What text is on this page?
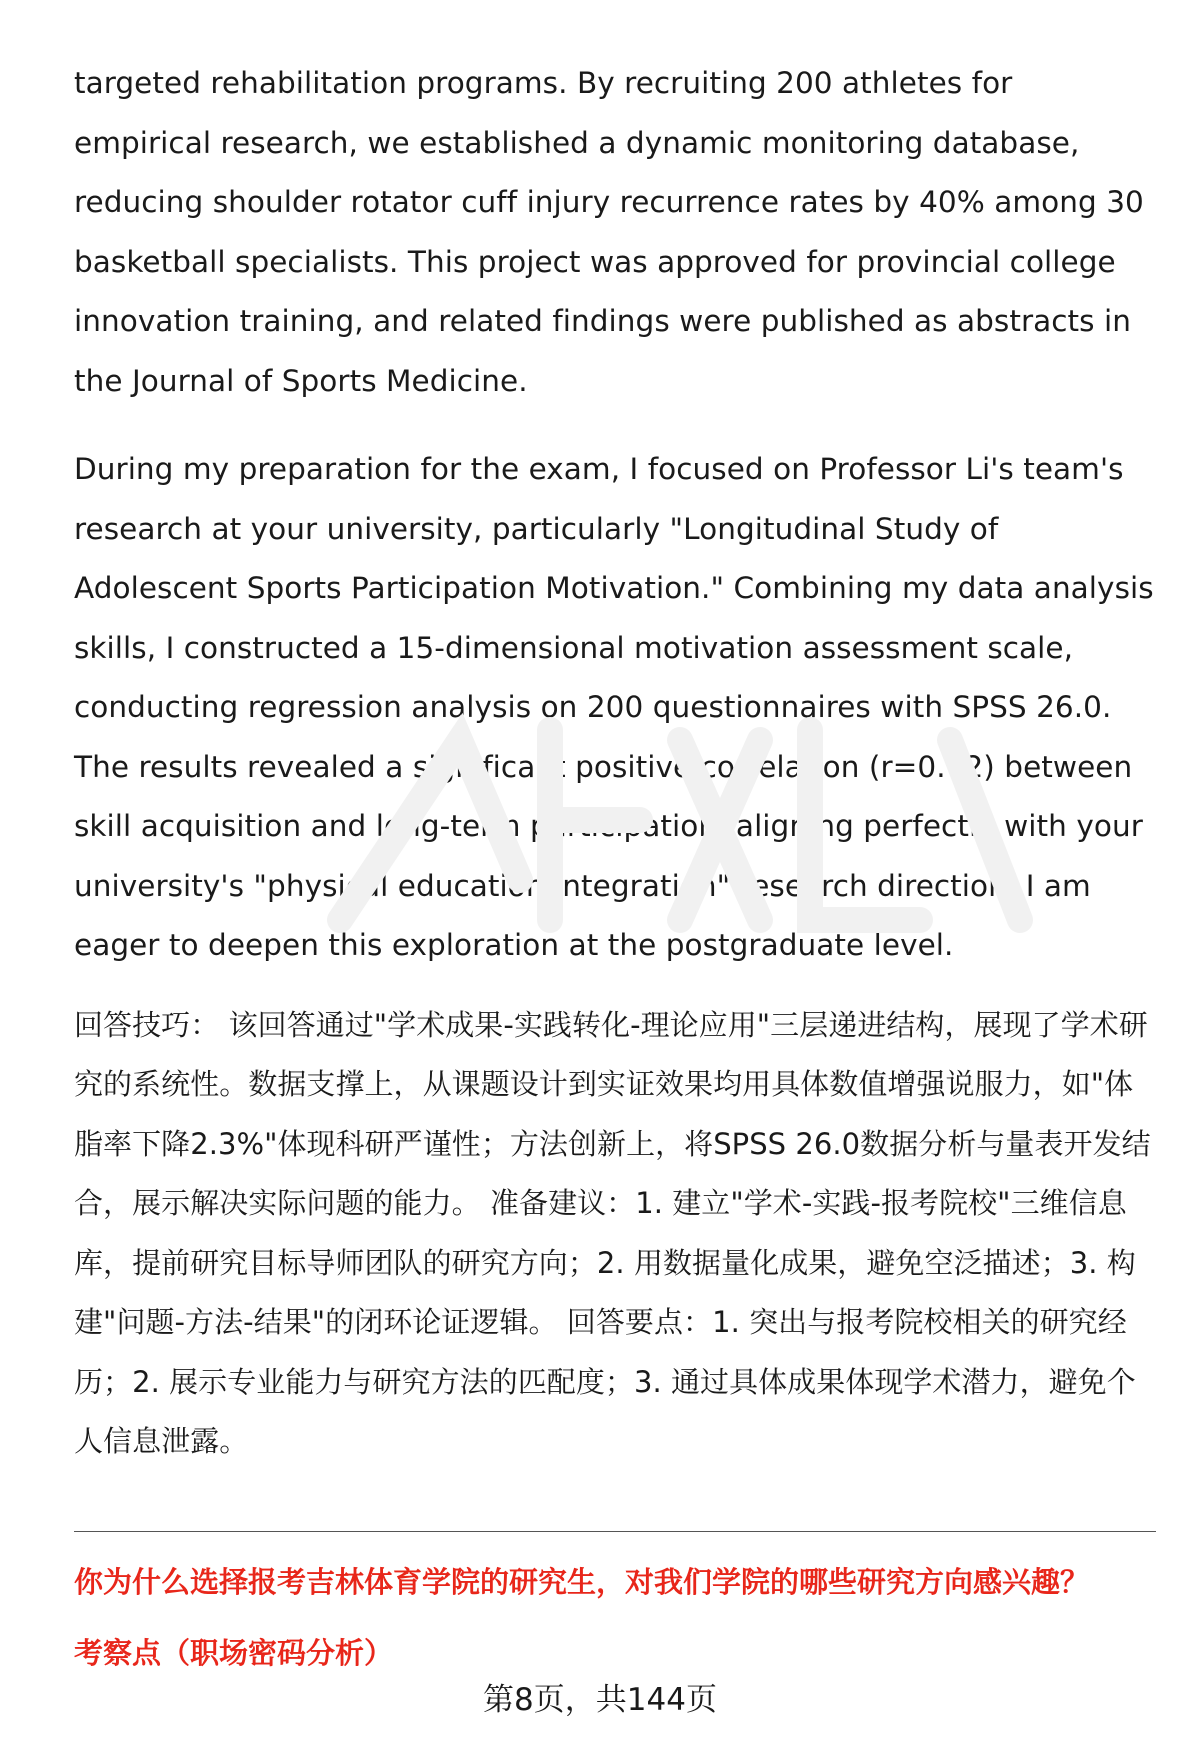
targeted rehabilitation programs. By recruiting 200 athletes for empirical research, we established a dynamic monitoring database, reducing shoulder rotator cuff injury recurrence rates by 40% among 30 basketball specialists. This project was approved for provincial college innovation training, and related findings were published as abstracts in the Journal of Sports Medicine.

During my preparation for the exam, I focused on Professor Li's team's research at your university, particularly "Longitudinal Study of Adolescent Sports Participation Motivation." Combining my data analysis skills, I constructed a 15-dimensional motivation assessment scale, conducting regression analysis on 200 questionnaires with SPSS 26.0. The results revealed a significant positive correlation (r=0.72) between skill acquisition and long-term participation, aligning perfectly with your university's "physical education integration" research direction. I am eager to deepen this exploration at the postgraduate level.

回答技巧： 该回答通过"学术成果-实践转化-理论应用"三层递进结构，展现了学术研究的系统性。数据支撑上，从课题设计到实证效果均用具体数值增强说服力，如"体脂率下降2.3%"体现科研严谨性；方法创新上，将SPSS 26.0数据分析与量表开发结合，展示解决实际问题的能力。 准备建议：1. 建立"学术-实践-报考院校"三维信息库，提前研究目标导师团队的研究方向；2. 用数据量化成果，避免空泛描述；3. 构建"问题-方法-结果"的闭环论证逻辑。 回答要点：1. 突出与报考院校相关的研究经历；2. 展示专业能力与研究方法的匹配度；3. 通过具体成果体现学术潜力，避免个人信息泄露。

你为什么选择报考吉林体育学院的研究生，对我们学院的哪些研究方向感兴趣？

考察点（职场密码分析）

第8页，共144页
